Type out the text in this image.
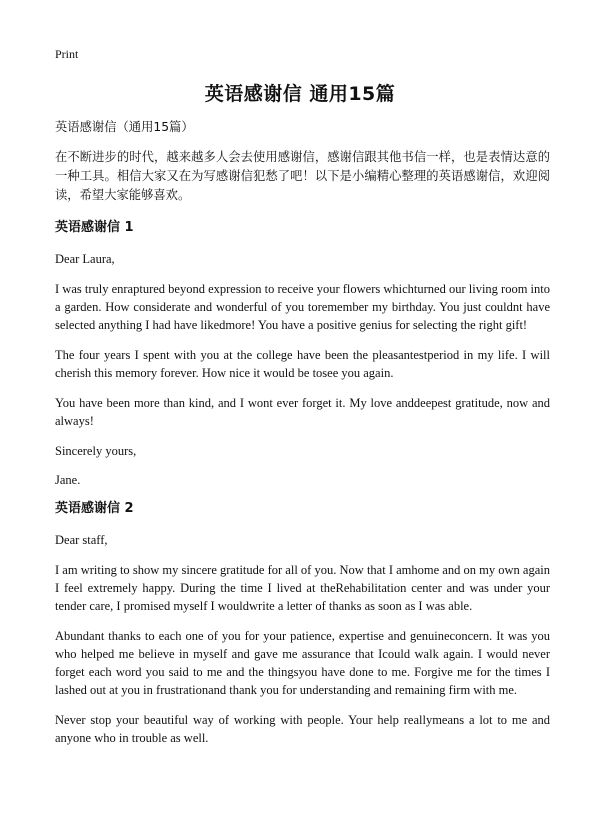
Print
英语感谢信 通用15篇

英语感谢信（通用15篇）

在不断进步的时代，越来越多人会去使用感谢信，感谢信跟其他书信一样，也是表情达意的一种工具。相信大家又在为写感谢信犯愁了吧！以下是小编精心整理的英语感谢信，欢迎阅读，希望大家能够喜欢。

英语感谢信 1

Dear Laura,

I was truly enraptured beyond expression to receive your flowers whichturned our living room into a garden. How considerate and wonderful of you toremember my birthday. You just couldnt have selected anything I had have likedmore! You have a positive genius for selecting the right gift!

The four years I spent with you at the college have been the pleasantestperiod in my life. I will cherish this memory forever. How nice it would be tosee you again.

You have been more than kind, and I wont ever forget it. My love anddeepest gratitude, now and always!

Sincerely yours,

Jane.

英语感谢信 2

Dear staff,

I am writing to show my sincere gratitude for all of you. Now that I amhome and on my own again I feel extremely happy. During the time I lived at theRehabilitation center and was under your tender care, I promised myself I wouldwrite a letter of thanks as soon as I was able.

Abundant thanks to each one of you for your patience, expertise and genuineconcern. It was you who helped me believe in myself and gave me assurance that Icould walk again. I would never forget each word you said to me and the thingsyou have done to me. Forgive me for the times I lashed out at you in frustrationand thank you for understanding and remaining firm with me.

Never stop your beautiful way of working with people. Your help reallymeans a lot to me and anyone who in trouble as well.
